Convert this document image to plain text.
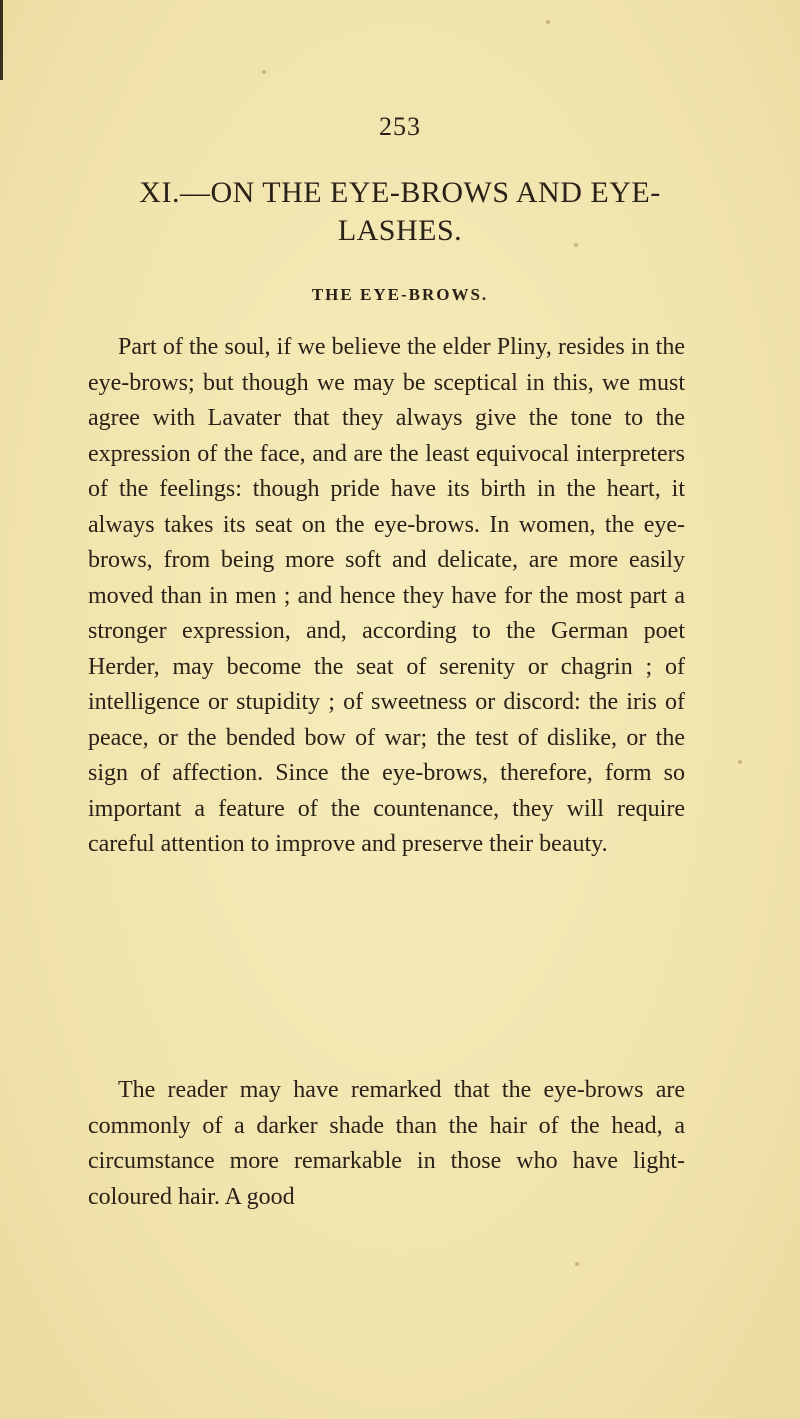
253
XI.—ON THE EYE-BROWS AND EYE-LASHES.
THE EYE-BROWS.

Part of the soul, if we believe the elder Pliny, resides in the eye-brows; but though we may be sceptical in this, we must agree with Lavater that they always give the tone to the expression of the face, and are the least equivocal interpreters of the feelings: though pride have its birth in the heart, it always takes its seat on the eye-brows. In women, the eye-brows, from being more soft and delicate, are more easily moved than in men ; and hence they have for the most part a stronger expression, and, according to the German poet Herder, may become the seat of serenity or chagrin ; of intelligence or stupidity ; of sweetness or discord: the iris of peace, or the bended bow of war; the test of dislike, or the sign of affection. Since the eye-brows, therefore, form so important a feature of the countenance, they will require careful attention to improve and preserve their beauty.

The reader may have remarked that the eye-brows are commonly of a darker shade than the hair of the head, a circumstance more remarkable in those who have light-coloured hair. A good
